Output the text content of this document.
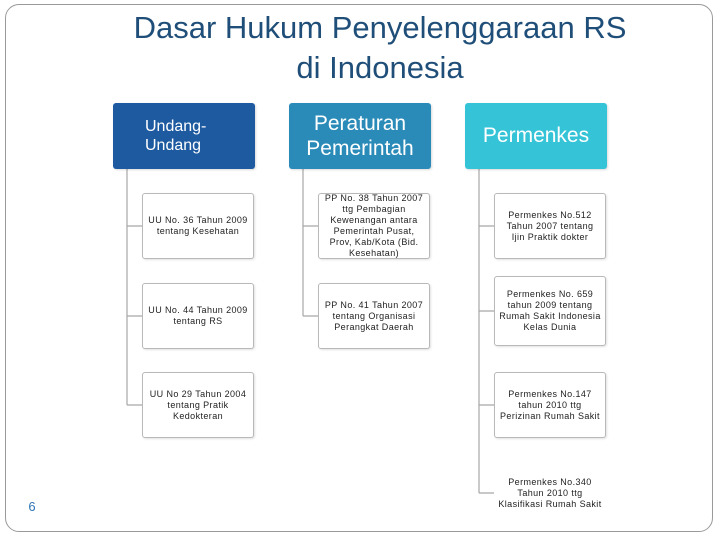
Dasar Hukum Penyelenggaraan RS
di Indonesia
Undang-
Undang
UU No. 36 Tahun 2009 tentang Kesehatan
UU No. 44 Tahun 2009 tentang RS
UU No 29 Tahun 2004 tentang Pratik Kedokteran
Peraturan
Pemerintah
PP No. 38 Tahun 2007 ttg Pembagian Kewenangan antara Pemerintah Pusat, Prov, Kab/Kota (Bid. Kesehatan)
PP No. 41 Tahun 2007 tentang Organisasi Perangkat Daerah
Permenkes
Permenkes No.512 Tahun 2007 tentang Ijin Praktik dokter
Permenkes No. 659 tahun 2009 tentang Rumah Sakit Indonesia Kelas Dunia
Permenkes No.147 tahun 2010 ttg Perizinan Rumah Sakit
Permenkes No.340 Tahun 2010 ttg Klasifikasi Rumah Sakit
6
